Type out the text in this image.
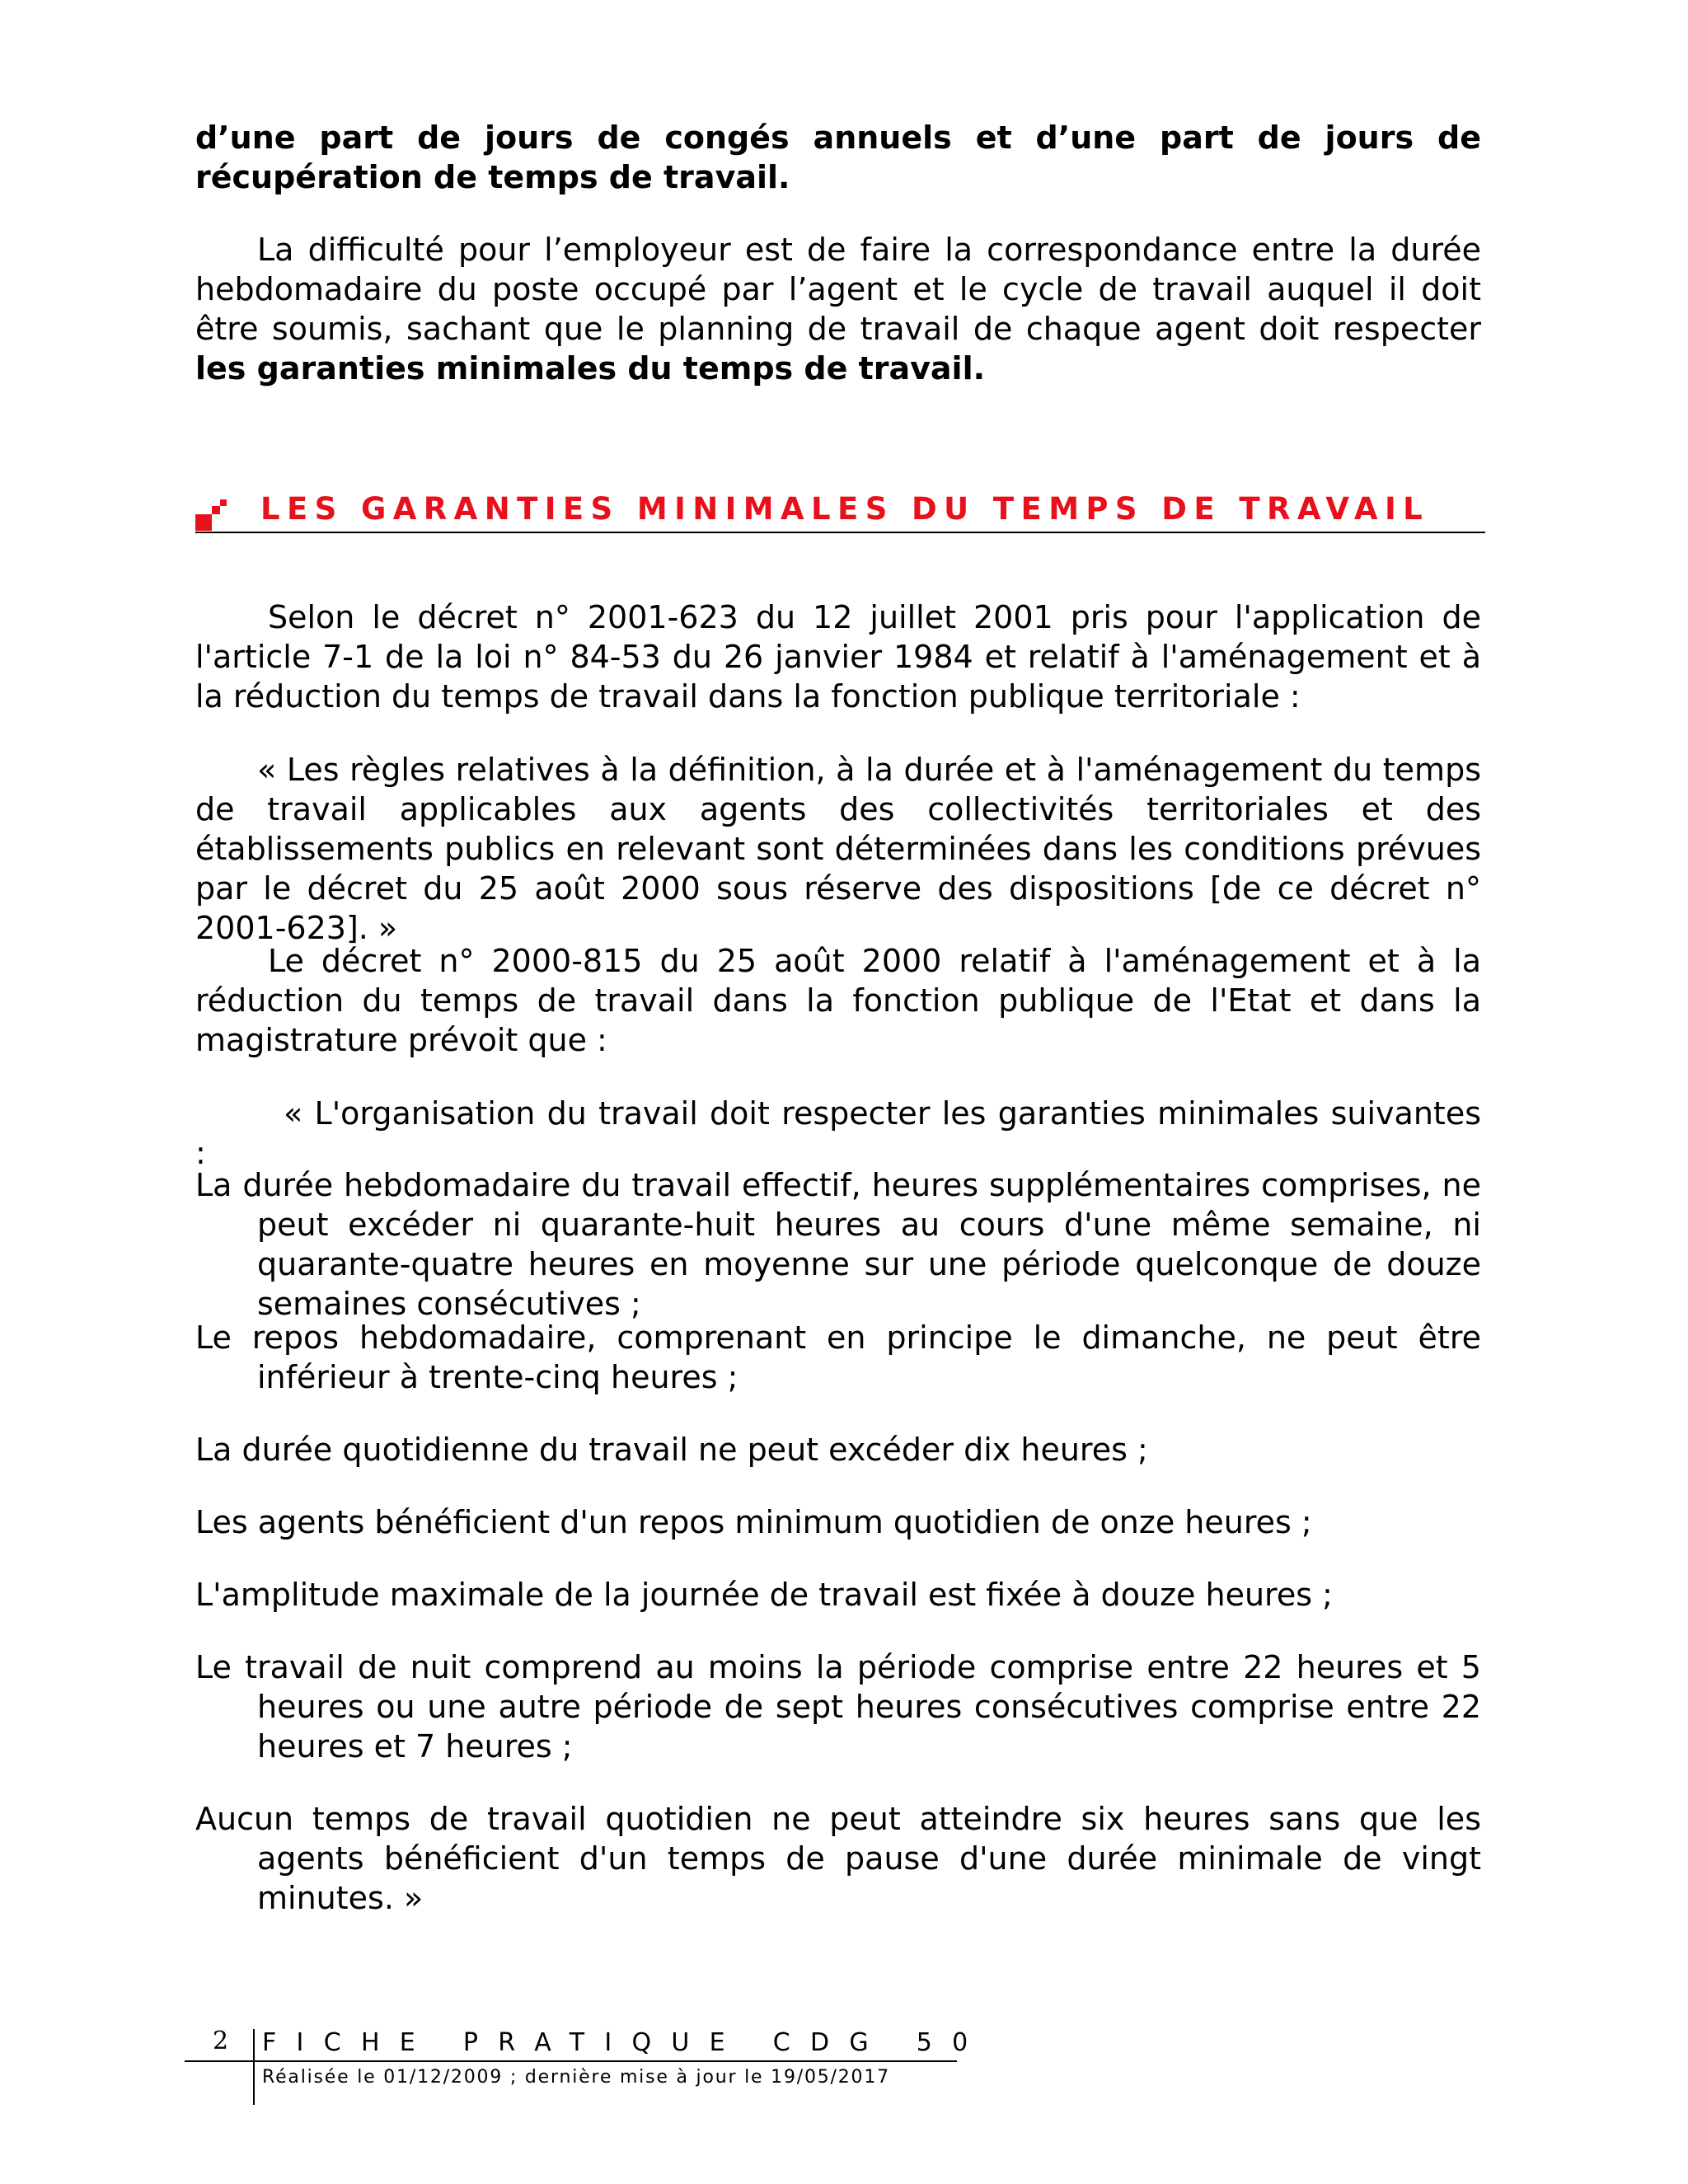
d’une part de jours de congés annuels et d’une part de jours de récupération de temps de travail.
La difficulté pour l’employeur est de faire la correspondance entre la durée hebdomadaire du poste occupé par l’agent et le cycle de travail auquel il doit être soumis, sachant que le planning de travail de chaque agent doit respecter les garanties minimales du temps de travail.
LES GARANTIES MINIMALES DU TEMPS DE TRAVAIL
Selon le décret n° 2001-623 du 12 juillet 2001 pris pour l'application de l'article 7-1 de la loi n° 84-53 du 26 janvier 1984 et relatif à l'aménagement et à la réduction du temps de travail dans la fonction publique territoriale :
« Les règles relatives à la définition, à la durée et à l'aménagement du temps de travail applicables aux agents des collectivités territoriales et des établissements publics en relevant sont déterminées dans les conditions prévues par le décret du 25 août 2000 sous réserve des dispositions [de ce décret n° 2001-623]. »
Le décret n° 2000-815 du 25 août 2000 relatif à l'aménagement et à la réduction du temps de travail dans la fonction publique de l'Etat et dans la magistrature prévoit que :
« L'organisation du travail doit respecter les garanties minimales suivantes :
La durée hebdomadaire du travail effectif, heures supplémentaires comprises, ne peut excéder ni quarante-huit heures au cours d'une même semaine, ni quarante-quatre heures en moyenne sur une période quelconque de douze semaines consécutives ;
Le repos hebdomadaire, comprenant en principe le dimanche, ne peut être inférieur à trente-cinq heures ;
La durée quotidienne du travail ne peut excéder dix heures ;
Les agents bénéficient d'un repos minimum quotidien de onze heures ;
L'amplitude maximale de la journée de travail est fixée à douze heures ;
Le travail de nuit comprend au moins la période comprise entre 22 heures et 5 heures ou une autre période de sept heures consécutives comprise entre 22 heures et 7 heures ;
Aucun temps de travail quotidien ne peut atteindre six heures sans que les agents bénéficient d'un temps de pause d'une durée minimale de vingt minutes. »
2 FICHE PRATIQUE CDG 50
Réalisée le 01/12/2009 ; dernière mise à jour le 19/05/2017
